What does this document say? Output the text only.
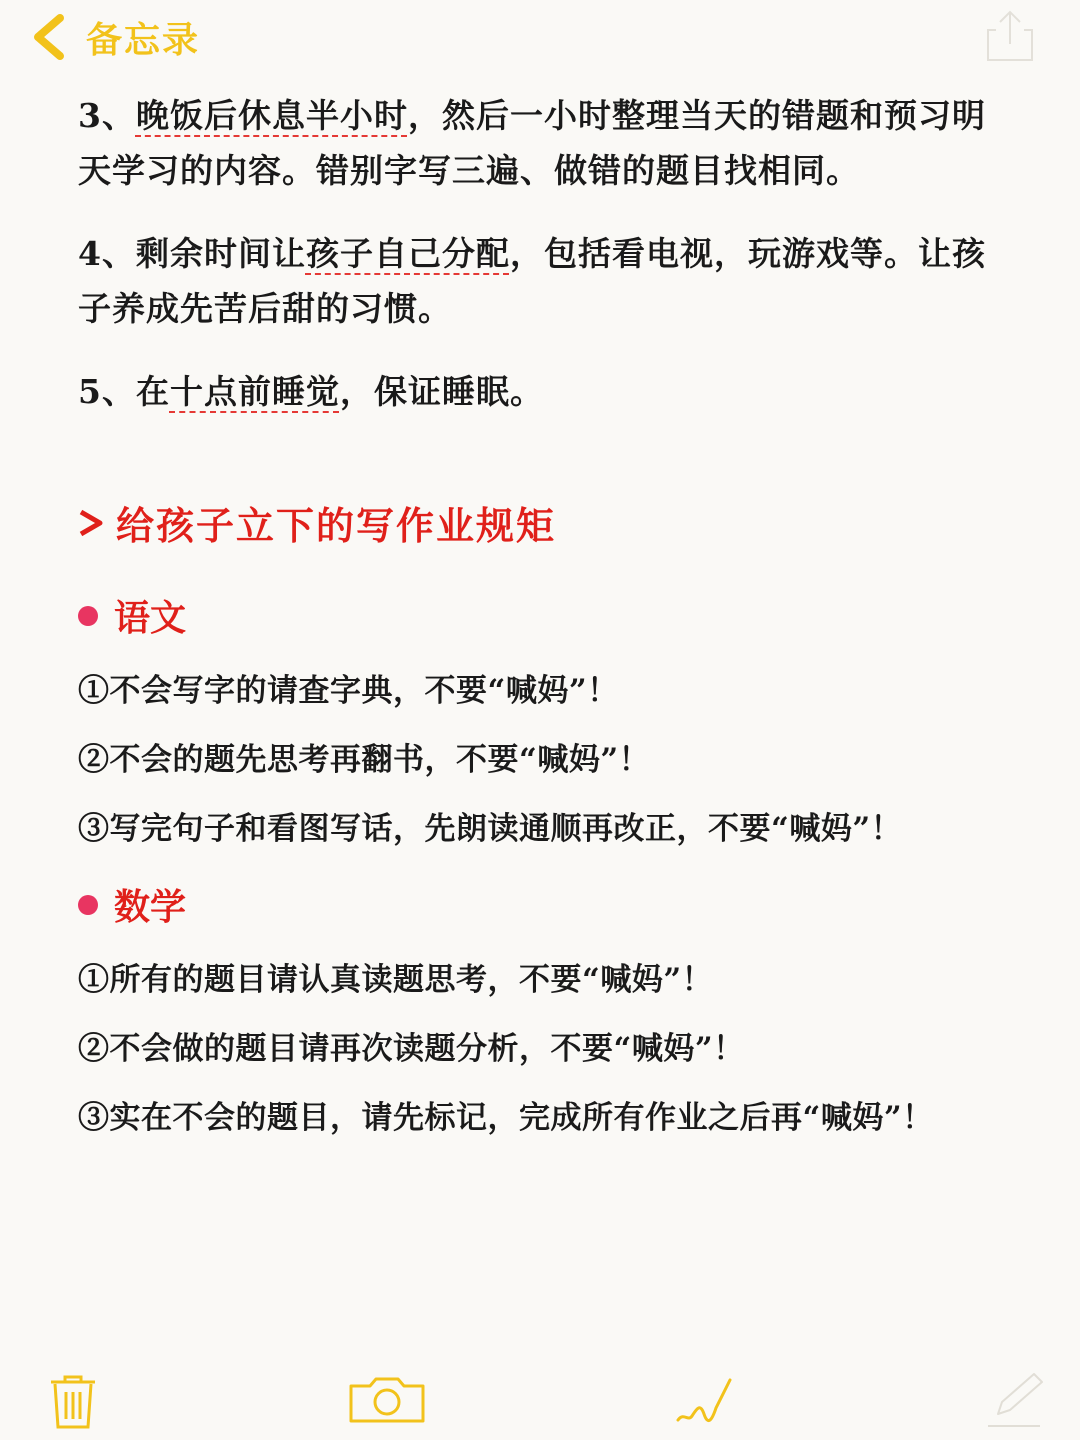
备忘录

3、晚饭后休息半小时，然后一小时整理当天的错题和预习明天学习的内容。错别字写三遍、做错的题目找相同。

4、剩余时间让孩子自己分配，包括看电视，玩游戏等。让孩子养成先苦后甜的习惯。

5、在十点前睡觉，保证睡眠。

给孩子立下的写作业规矩
语文
①不会写字的请查字典，不要“喊妈”！
②不会的题先思考再翻书，不要“喊妈”！
③写完句子和看图写话，先朗读通顺再改正，不要“喊妈”！
数学
①所有的题目请认真读题思考，不要“喊妈”！
②不会做的题目请再次读题分析，不要“喊妈”！
③实在不会的题目，请先标记，完成所有作业之后再“喊妈”！
